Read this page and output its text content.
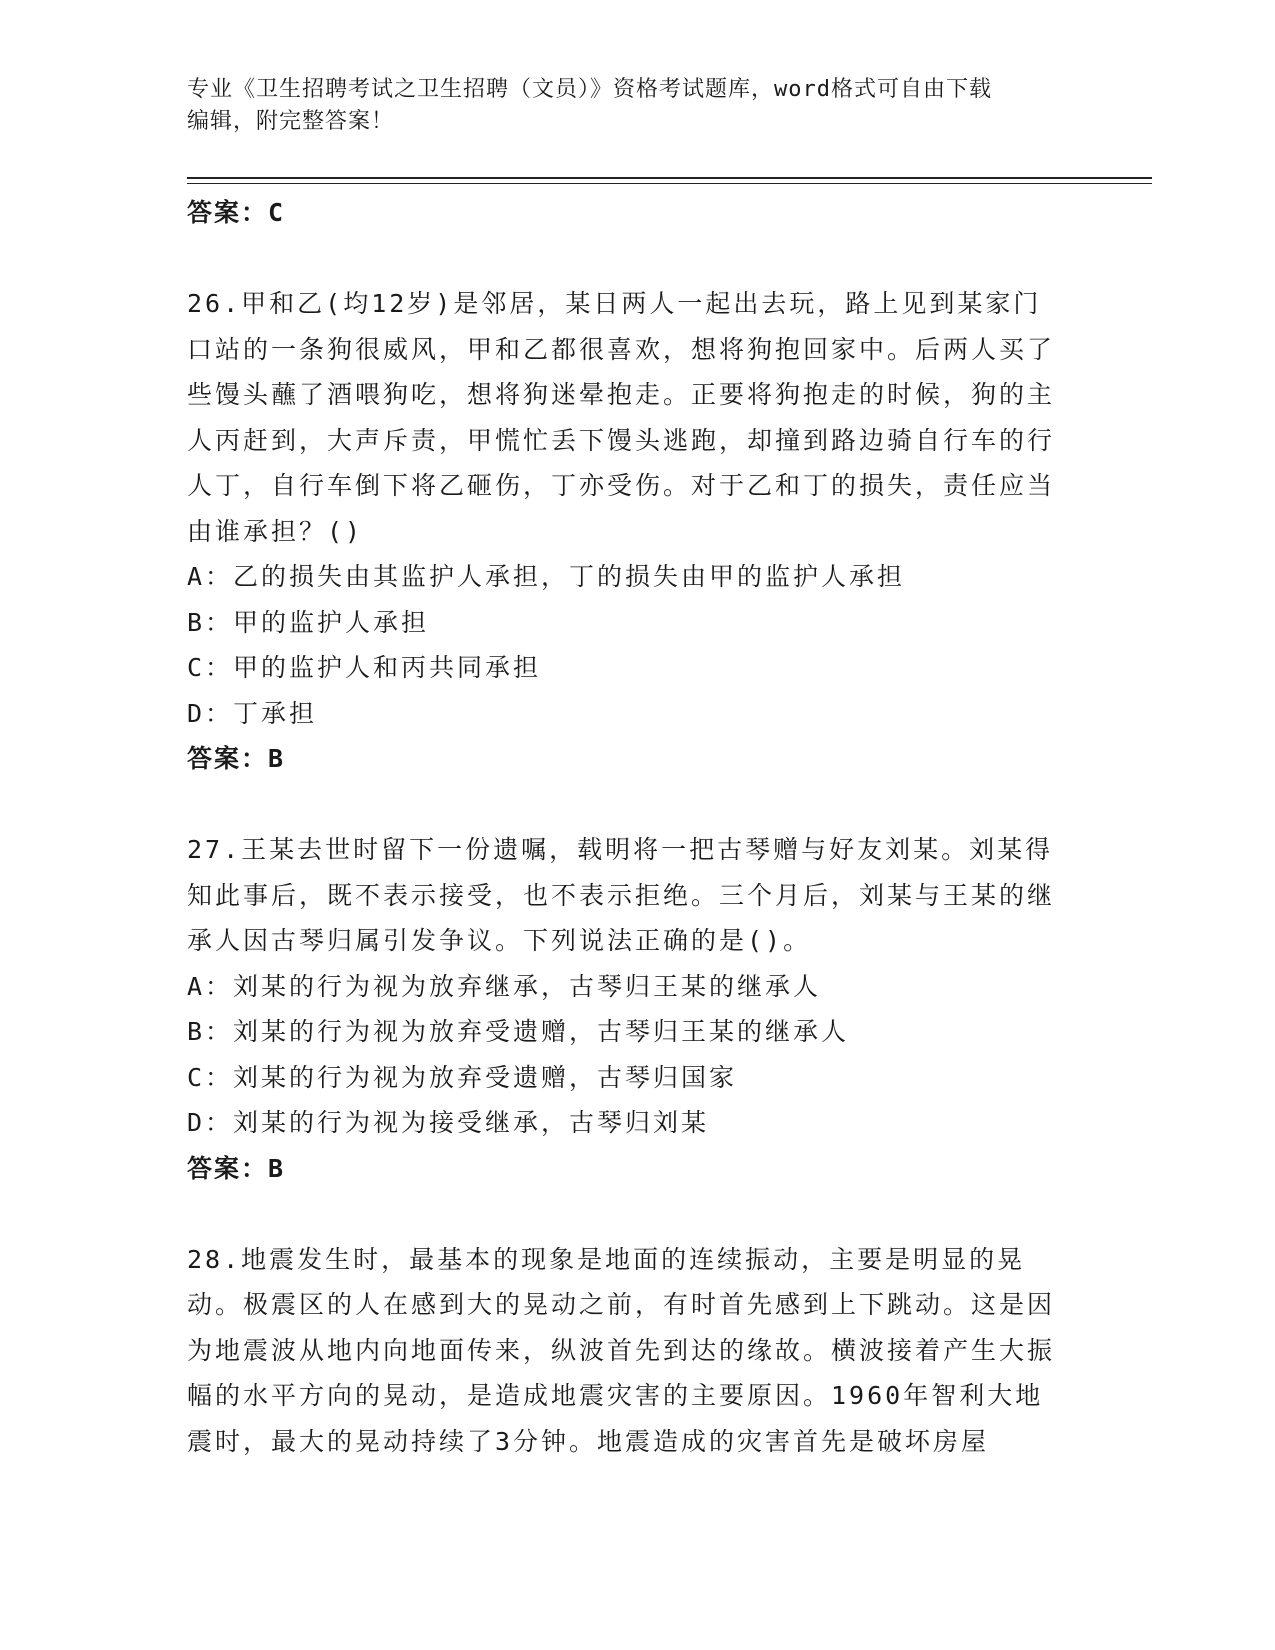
专业《卫生招聘考试之卫生招聘（文员）》资格考试题库，word格式可自由下载
编辑，附完整答案！
答案：C
26.甲和乙(均12岁)是邻居，某日两人一起出去玩，路上见到某家门口站的一条狗很威风，甲和乙都很喜欢，想将狗抱回家中。后两人买了些馒头蘸了酒喂狗吃，想将狗迷晕抱走。正要将狗抱走的时候，狗的主人丙赶到，大声斥责，甲慌忙丢下馒头逃跑，却撞到路边骑自行车的行人丁，自行车倒下将乙砸伤，丁亦受伤。对于乙和丁的损失，责任应当由谁承担？()
A：乙的损失由其监护人承担，丁的损失由甲的监护人承担
B：甲的监护人承担
C：甲的监护人和丙共同承担
D：丁承担
答案：B
27.王某去世时留下一份遗嘱，载明将一把古琴赠与好友刘某。刘某得知此事后，既不表示接受，也不表示拒绝。三个月后，刘某与王某的继承人因古琴归属引发争议。下列说法正确的是()。
A：刘某的行为视为放弃继承，古琴归王某的继承人
B：刘某的行为视为放弃受遗赠，古琴归王某的继承人
C：刘某的行为视为放弃受遗赠，古琴归国家
D：刘某的行为视为接受继承，古琴归刘某
答案：B
28.地震发生时，最基本的现象是地面的连续振动，主要是明显的晃动。极震区的人在感到大的晃动之前，有时首先感到上下跳动。这是因为地震波从地内向地面传来，纵波首先到达的缘故。横波接着产生大振幅的水平方向的晃动，是造成地震灾害的主要原因。1960年智利大地震时，最大的晃动持续了3分钟。地震造成的灾害首先是破坏房屋
